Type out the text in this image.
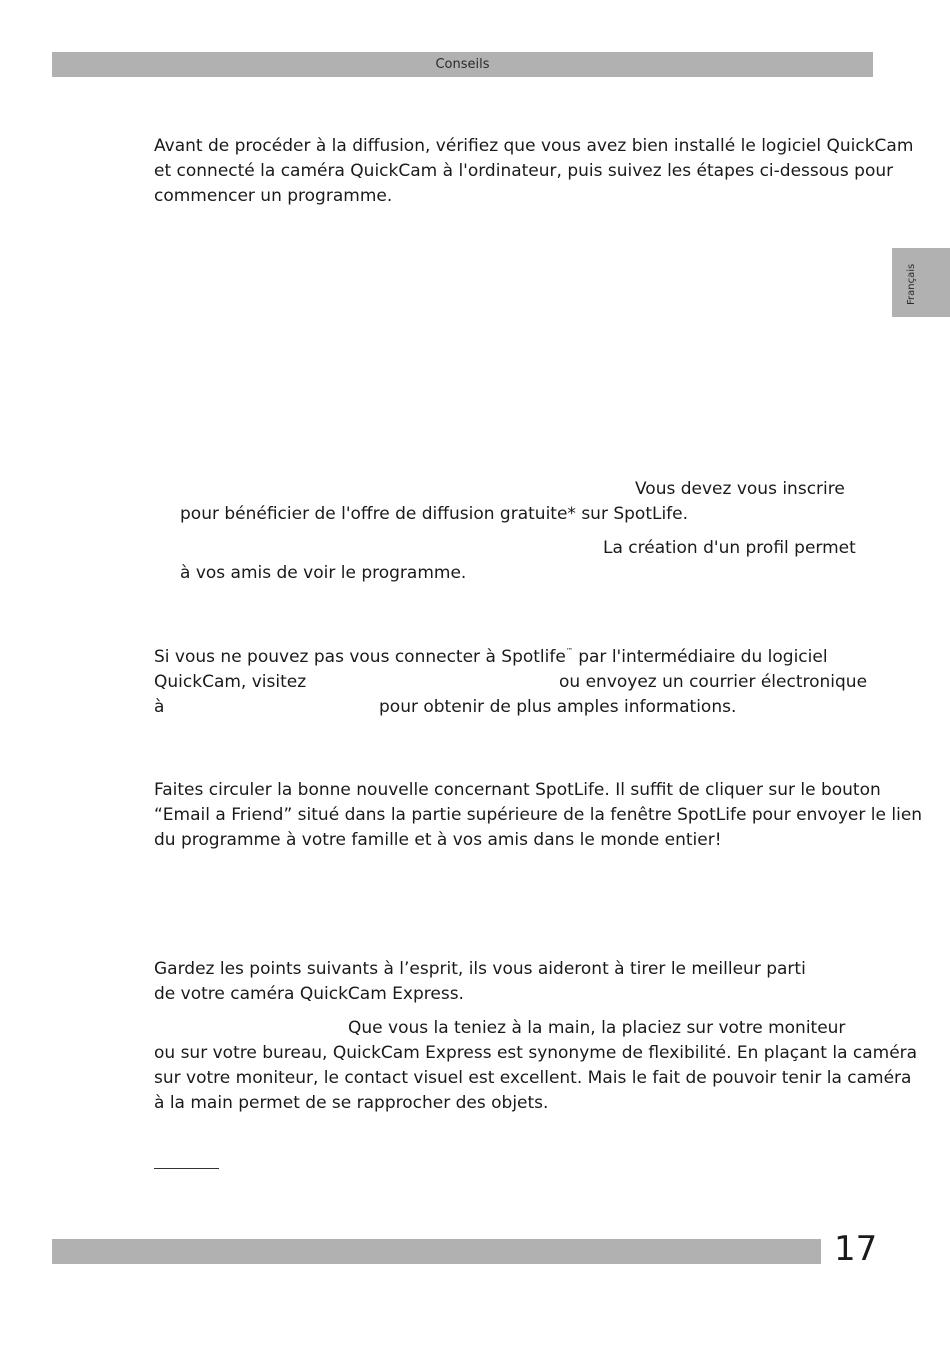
Conseils
Français

Avant de procéder à la diffusion, vérifiez que vous avez bien installé le logiciel QuickCam

et connecté la caméra QuickCam à l'ordinateur, puis suivez les étapes ci-dessous pour

commencer un programme.

Vous devez vous inscrire

pour bénéficier de l'offre de diffusion gratuite* sur SpotLife.

La création d'un profil permet

à vos amis de voir le programme.

Si vous ne pouvez pas vous connecter à Spotlife™ par l'intermédiaire du logiciel

QuickCam, visitez	ou envoyez un courrier électronique

à	pour obtenir de plus amples informations.

Faites circuler la bonne nouvelle concernant SpotLife. Il suffit de cliquer sur le bouton

“Email a Friend” situé dans la partie supérieure de la fenêtre SpotLife pour envoyer le lien

du programme à votre famille et à vos amis dans le monde entier!

Gardez les points suivants à l’esprit, ils vous aideront à tirer le meilleur parti

de votre caméra QuickCam Express.

Que vous la teniez à la main, la placiez sur votre moniteur

ou sur votre bureau, QuickCam Express est synonyme de flexibilité. En plaçant la caméra

sur votre moniteur, le contact visuel est excellent. Mais le fait de pouvoir tenir la caméra

à la main permet de se rapprocher des objets.

17
